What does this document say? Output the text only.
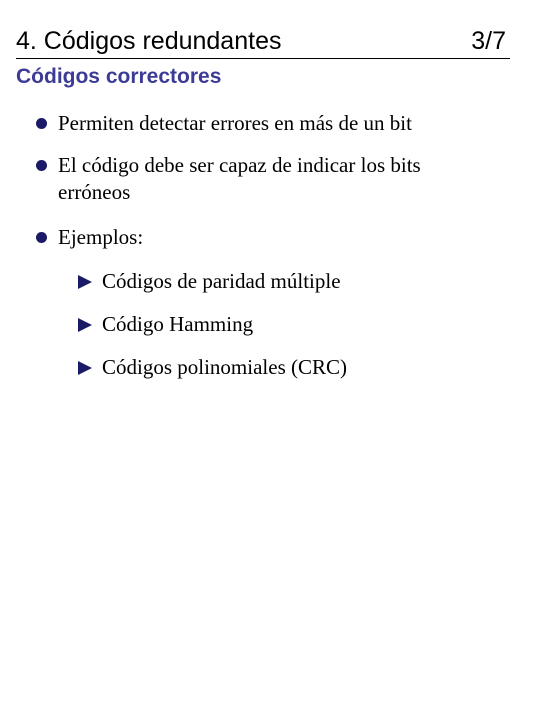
4. Códigos redundantes	3/7
Códigos correctores
Permiten detectar errores en más de un bit
El código debe ser capaz de indicar los bits erróneos
Ejemplos:
Códigos de paridad múltiple
Código Hamming
Códigos polinomiales (CRC)
